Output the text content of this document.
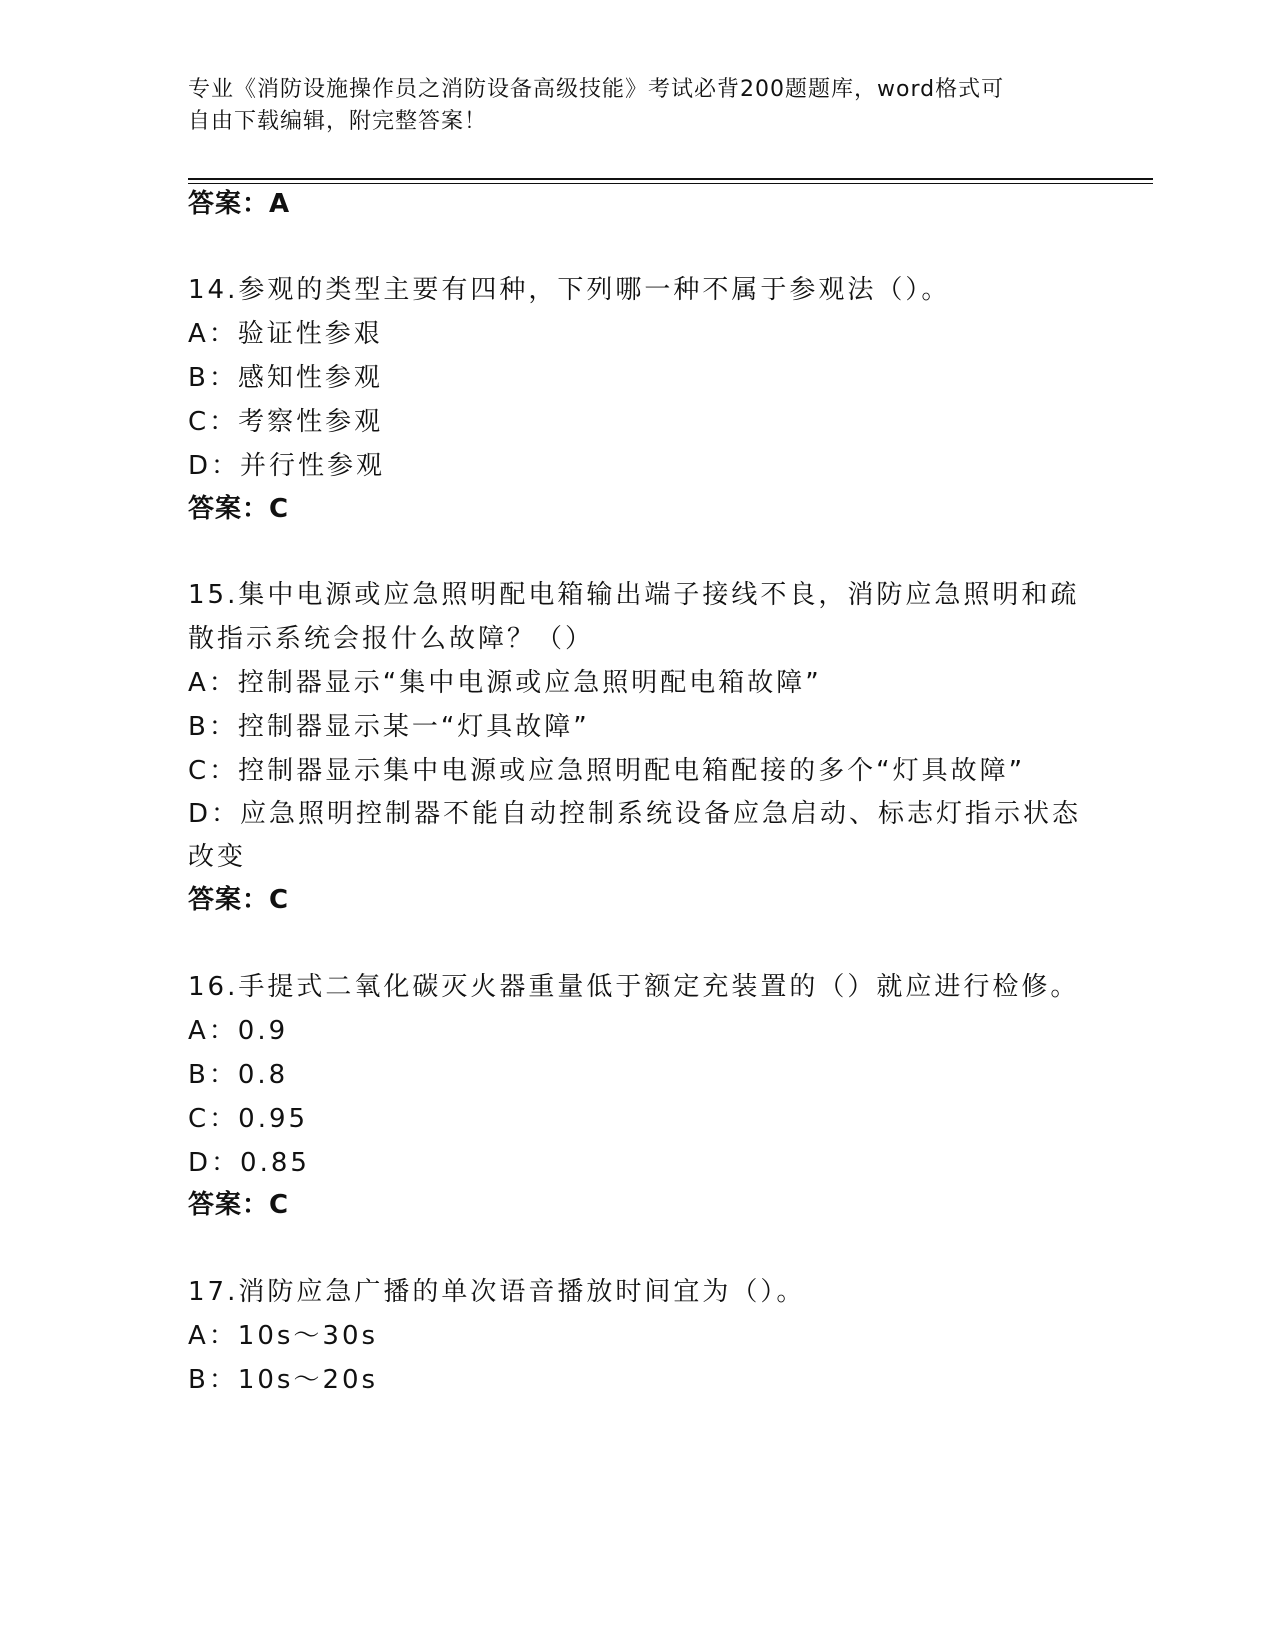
专业《消防设施操作员之消防设备高级技能》考试必背200题题库，word格式可
自由下载编辑，附完整答案！
答案：A
14.参观的类型主要有四种，下列哪一种不属于参观法（）。
A：验证性参艰
B：感知性参观
C：考察性参观
D：并行性参观
答案：C
15.集中电源或应急照明配电箱输出端子接线不良，消防应急照明和疏
散指示系统会报什么故障？（）
A：控制器显示“集中电源或应急照明配电箱故障”
B：控制器显示某一“灯具故障”
C：控制器显示集中电源或应急照明配电箱配接的多个“灯具故障”
D：应急照明控制器不能自动控制系统设备应急启动、标志灯指示状态
改变
答案：C
16.手提式二氧化碳灭火器重量低于额定充装置的（）就应进行检修。
A：0.9
B：0.8
C：0.95
D：0.85
答案：C
17.消防应急广播的单次语音播放时间宜为（）。
A：10s～30s
B：10s～20s
